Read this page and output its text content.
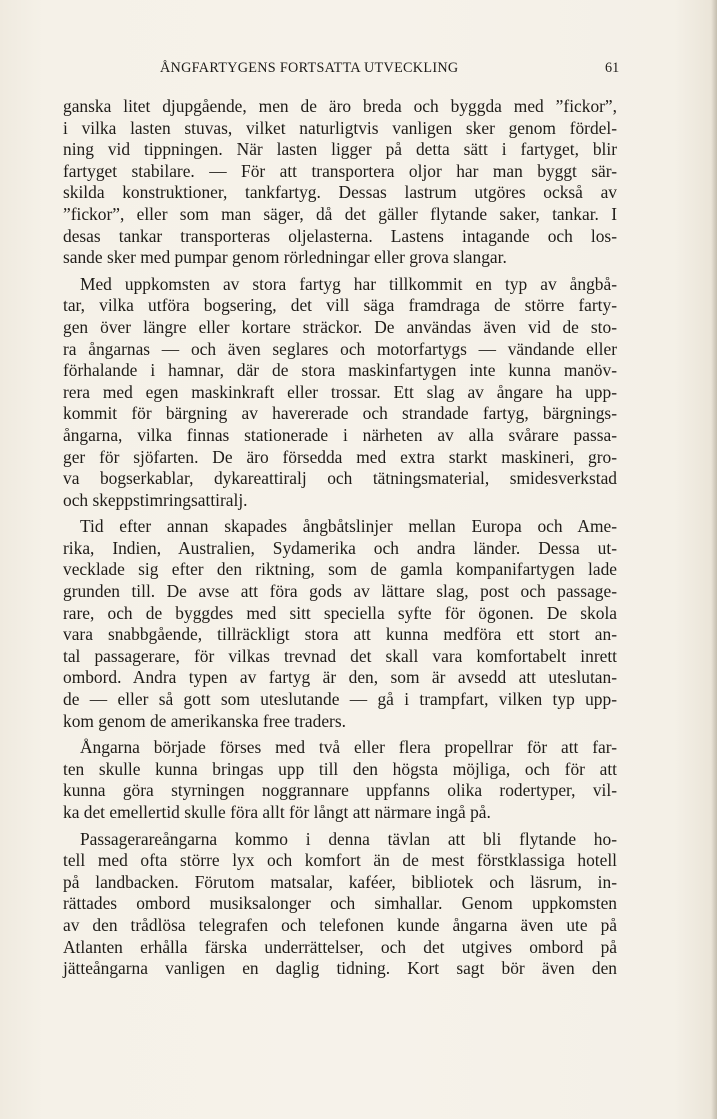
ÅNGFARTYGENS FORTSATTA UTVECKLING	61
ganska litet djupgående, men de äro breda och byggda med ”fickor”,
i vilka lasten stuvas, vilket naturligtvis vanligen sker genom fördel-
ning vid tippningen. När lasten ligger på detta sätt i fartyget, blir
fartyget stabilare. — För att transportera oljor har man byggt sär-
skilda konstruktioner, tankfartyg. Dessas lastrum utgöres också av
”fickor”, eller som man säger, då det gäller flytande saker, tankar. I
desas tankar transporteras oljelasterna. Lastens intagande och los-
sande sker med pumpar genom rörledningar eller grova slangar.
Med uppkomsten av stora fartyg har tillkommit en typ av ångbå-
tar, vilka utföra bogsering, det vill säga framdraga de större farty-
gen över längre eller kortare sträckor. De användas även vid de sto-
ra ångarnas — och även seglares och motorfartygs — vändande eller
förhalande i hamnar, där de stora maskinfartygen inte kunna manöv-
rera med egen maskinkraft eller trossar. Ett slag av ångare ha upp-
kommit för bärgning av havererade och strandade fartyg, bärgnings-
ångarna, vilka finnas stationerade i närheten av alla svårare passa-
ger för sjöfarten. De äro försedda med extra starkt maskineri, gro-
va bogserkablar, dykareattiralj och tätningsmaterial, smidesverkstad
och skeppstimringsattiralj.
Tid efter annan skapades ångbåtslinjer mellan Europa och Ame-
rika, Indien, Australien, Sydamerika och andra länder. Dessa ut-
vecklade sig efter den riktning, som de gamla kompanifartygen lade
grunden till. De avse att föra gods av lättare slag, post och passage-
rare, och de byggdes med sitt speciella syfte för ögonen. De skola
vara snabbgående, tillräckligt stora att kunna medföra ett stort an-
tal passagerare, för vilkas trevnad det skall vara komfortabelt inrett
ombord. Andra typen av fartyg är den, som är avsedd att uteslutan-
de — eller så gott som uteslutande — gå i trampfart, vilken typ upp-
kom genom de amerikanska free traders.
Ångarna började förses med två eller flera propellrar för att far-
ten skulle kunna bringas upp till den högsta möjliga, och för att
kunna göra styrningen noggrannare uppfanns olika rodertyper, vil-
ka det emellertid skulle föra allt för långt att närmare ingå på.
Passagerareångarna kommo i denna tävlan att bli flytande ho-
tell med ofta större lyx och komfort än de mest förstklassiga hotell
på landbacken. Förutom matsalar, kaféer, bibliotek och läsrum, in-
rättades ombord musiksalonger och simhallar. Genom uppkomsten
av den trådlösa telegrafen och telefonen kunde ångarna även ute på
Atlanten erhålla färska underrättelser, och det utgives ombord på
jätteångarna vanligen en daglig tidning. Kort sagt bör även den
